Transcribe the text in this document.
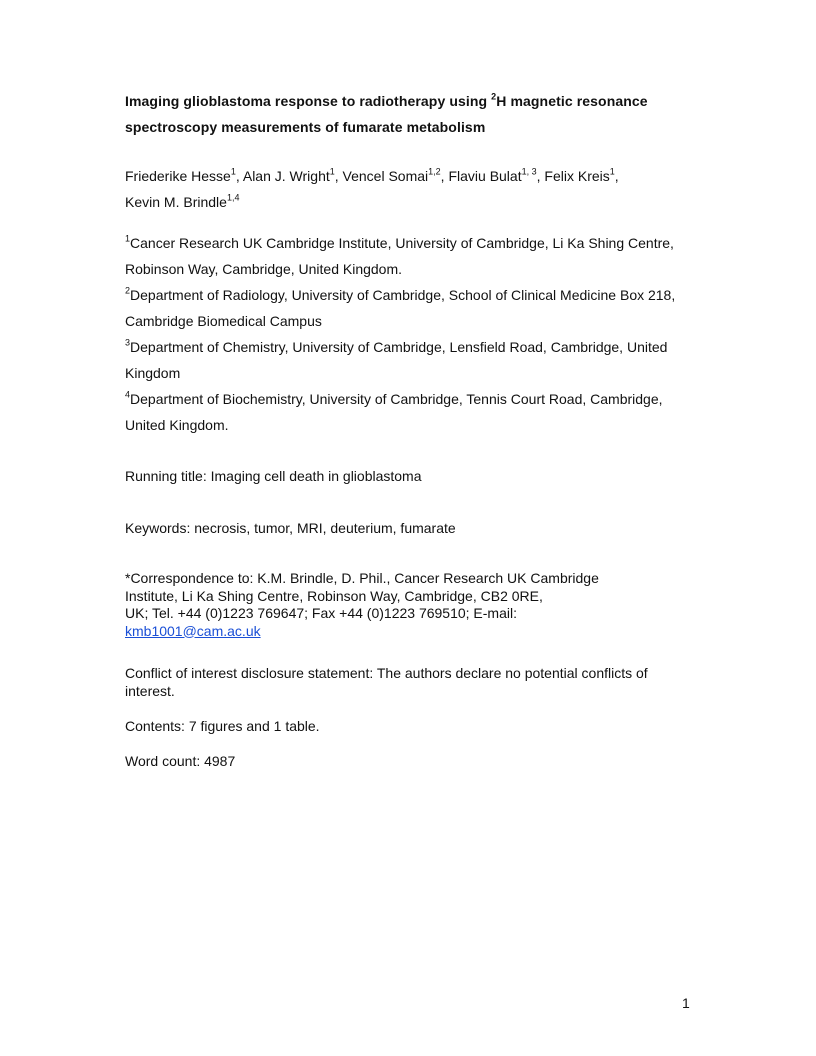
Imaging glioblastoma response to radiotherapy using $^2$H magnetic resonance spectroscopy measurements of fumarate metabolism
Friederike Hesse$^1$, Alan J. Wright$^1$, Vencel Somai$^{1,2}$, Flaviu Bulat$^{1, 3}$, Felix Kreis$^1$,
Kevin M. Brindle$^{1,4}$
$^1$Cancer Research UK Cambridge Institute, University of Cambridge, Li Ka Shing Centre, Robinson Way, Cambridge, United Kingdom.
$^2$Department of Radiology, University of Cambridge, School of Clinical Medicine Box 218, Cambridge Biomedical Campus
$^3$Department of Chemistry, University of Cambridge, Lensfield Road, Cambridge, United Kingdom
$^4$Department of Biochemistry, University of Cambridge, Tennis Court Road, Cambridge, United Kingdom.
Running title: Imaging cell death in glioblastoma
Keywords: necrosis, tumor, MRI, deuterium, fumarate
*Correspondence to: K.M. Brindle, D. Phil., Cancer Research UK Cambridge
Institute, Li Ka Shing Centre, Robinson Way, Cambridge, CB2 0RE,
UK; Tel. +44 (0)1223 769647; Fax +44 (0)1223 769510; E-mail:
kmb1001@cam.ac.uk
Conflict of interest disclosure statement: The authors declare no potential conflicts of interest.
Contents: 7 figures and 1 table.
Word count: 4987
1
